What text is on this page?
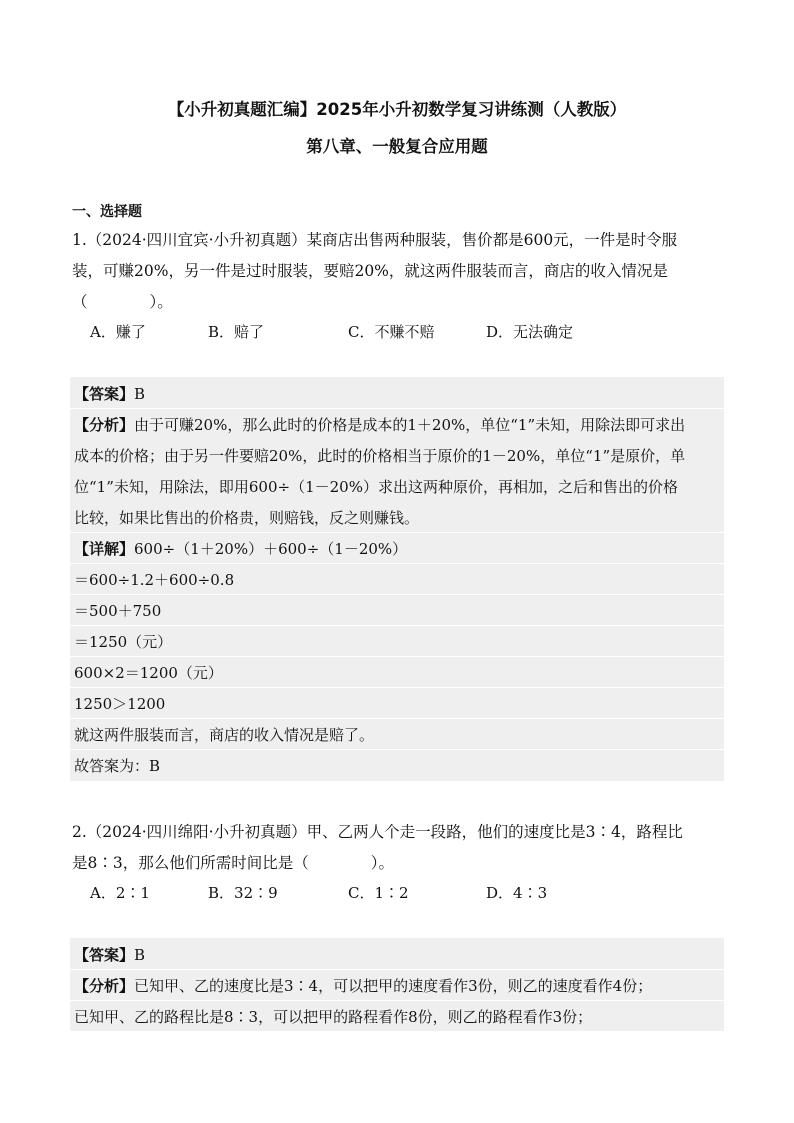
【小升初真题汇编】2025年小升初数学复习讲练测（人教版）
第八章、一般复合应用题
一、选择题
1.（2024·四川宜宾·小升初真题）某商店出售两种服装，售价都是600元，一件是时令服
装，可赚20%，另一件是过时服装，要赔20%，就这两件服装而言，商店的收入情况是
（　　　　）。
A．赚了	B．赔了	C．不赚不赔	D．无法确定
【答案】B
【分析】由于可赚20%，那么此时的价格是成本的1＋20%，单位“1”未知，用除法即可求出
成本的价格；由于另一件要赔20%，此时的价格相当于原价的1－20%，单位“1”是原价，单
位“1”未知，用除法，即用600÷（1－20%）求出这两种原价，再相加，之后和售出的价格
比较，如果比售出的价格贵，则赔钱，反之则赚钱。
【详解】600÷（1＋20%）＋600÷（1－20%）
＝600÷1.2＋600÷0.8
＝500＋750
＝1250（元）
600×2＝1200（元）
1250＞1200
就这两件服装而言，商店的收入情况是赔了。
故答案为：B
2.（2024·四川绵阳·小升初真题）甲、乙两人个走一段路，他们的速度比是3∶4，路程比
是8∶3，那么他们所需时间比是（　　　　）。
A．2∶1	B．32∶9	C．1∶2	D．4∶3
【答案】B
【分析】已知甲、乙的速度比是3∶4，可以把甲的速度看作3份，则乙的速度看作4份；
已知甲、乙的路程比是8∶3，可以把甲的路程看作8份，则乙的路程看作3份；
